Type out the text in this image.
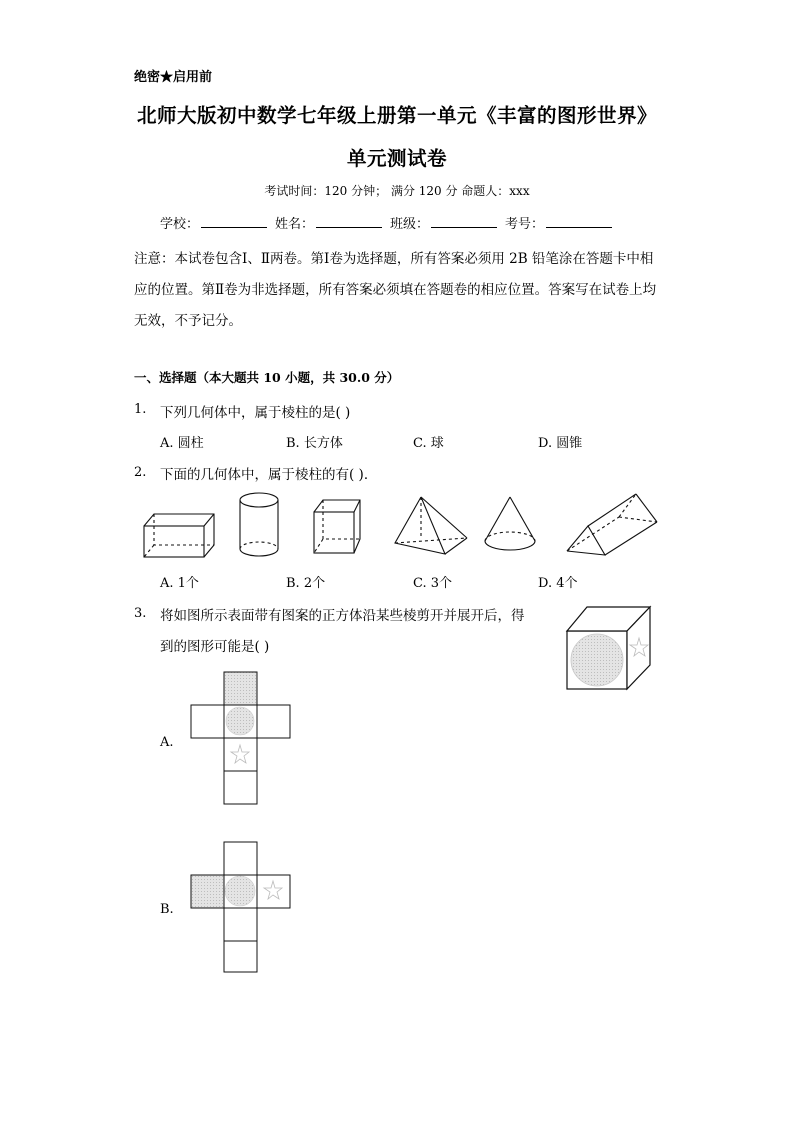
绝密★启用前
北师大版初中数学七年级上册第一单元《丰富的图形世界》
单元测试卷
考试时间：120 分钟； 满分 120 分 命题人：xxx
学校：	姓名：	班级：	考号：
注意：本试卷包含Ⅰ、Ⅱ两卷。第Ⅰ卷为选择题，所有答案必须用 2B 铅笔涂在答题卡中相应的位置。第Ⅱ卷为非选择题，所有答案必须填在答题卷的相应位置。答案写在试卷上均无效，不予记分。
一、选择题（本大题共 10 小题，共 30.0 分）
1. 下列几何体中，属于棱柱的是( )
A. 圆柱	B. 长方体	C. 球	D. 圆锥
2. 下面的几何体中，属于棱柱的有( )．
A. 1个	B. 2个	C. 3个	D. 4个
3. 将如图所示表面带有图案的正方体沿某些棱剪开并展开后，得
到的图形可能是( )
A.
B.
